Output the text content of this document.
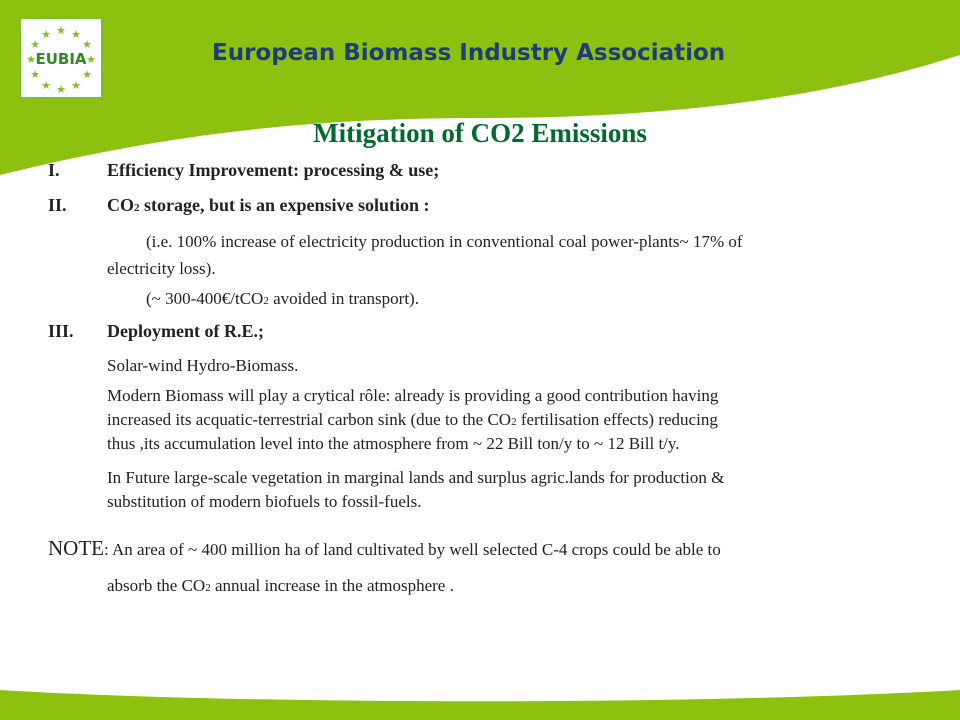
★ ★
★
★
★
★
★
★
★
★
★
★
EUBIA	European Biomass Industry Association
Mitigation of CO2 Emissions
I.	Efficiency Improvement: processing & use;
II. CO2 storage, but is an expensive solution :
(i.e. 100% increase of electricity production in conventional coal power-plants~ 17% of
electricity loss).
(~ 300-400€/tCO2 avoided in transport).
III. Deployment of R.E.;
Solar-wind Hydro-Biomass.
Modern Biomass will play a crytical rôle: already is providing a good contribution having
increased its acquatic-terrestrial carbon sink (due to the CO2 fertilisation effects) reducing
thus ,its accumulation level into the atmosphere from ~ 22 Bill ton/y to ~ 12 Bill t/y.
In Future large-scale vegetation in marginal lands and surplus agric.lands for production &
substitution of modern biofuels to fossil-fuels.
NOTE: An area of ~ 400 million ha of land cultivated by well selected C-4 crops could be able to
absorb the CO2 annual increase in the atmosphere .
